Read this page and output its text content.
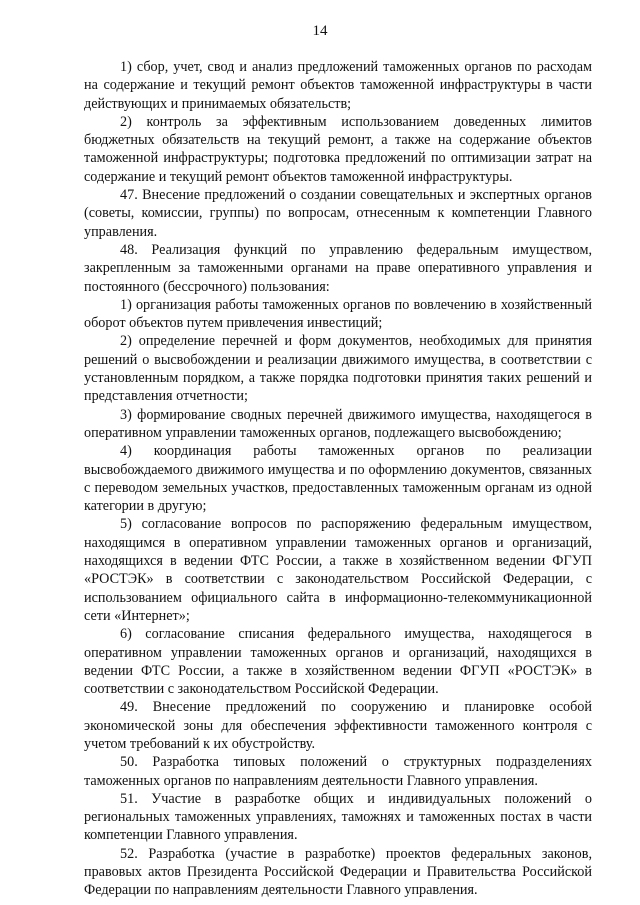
14

1) сбор, учет, свод и анализ предложений таможенных органов по расходам на содержание и текущий ремонт объектов таможенной инфраструктуры в части действующих и принимаемых обязательств;

2) контроль за эффективным использованием доведенных лимитов бюджетных обязательств на текущий ремонт, а также на содержание объектов таможенной инфраструктуры; подготовка предложений по оптимизации затрат на содержание и текущий ремонт объектов таможенной инфраструктуры.

47. Внесение предложений о создании совещательных и экспертных органов (советы, комиссии, группы) по вопросам, отнесенным к компетенции Главного управления.

48. Реализация функций по управлению федеральным имуществом, закрепленным за таможенными органами на праве оперативного управления и постоянного (бессрочного) пользования:

1) организация работы таможенных органов по вовлечению в хозяйственный оборот объектов путем привлечения инвестиций;

2) определение перечней и форм документов, необходимых для принятия решений о высвобождении и реализации движимого имущества, в соответствии с установленным порядком, а также порядка подготовки принятия таких решений и представления отчетности;

3) формирование сводных перечней движимого имущества, находящегося в оперативном управлении таможенных органов, подлежащего высвобождению;

4) координация работы таможенных органов по реализации высвобождаемого движимого имущества и по оформлению документов, связанных с переводом земельных участков, предоставленных таможенным органам из одной категории в другую;

5) согласование вопросов по распоряжению федеральным имуществом, находящимся в оперативном управлении таможенных органов и организаций, находящихся в ведении ФТС России, а также в хозяйственном ведении ФГУП «РОСТЭК» в соответствии с законодательством Российской Федерации, с использованием официального сайта в информационно-телекоммуникационной сети «Интернет»;

6) согласование списания федерального имущества, находящегося в оперативном управлении таможенных органов и организаций, находящихся в ведении ФТС России, а также в хозяйственном ведении ФГУП «РОСТЭК» в соответствии с законодательством Российской Федерации.

49. Внесение предложений по сооружению и планировке особой экономической зоны для обеспечения эффективности таможенного контроля с учетом требований к их обустройству.

50. Разработка типовых положений о структурных подразделениях таможенных органов по направлениям деятельности Главного управления.

51. Участие в разработке общих и индивидуальных положений о региональных таможенных управлениях, таможнях и таможенных постах в части компетенции Главного управления.

52. Разработка (участие в разработке) проектов федеральных законов, правовых актов Президента Российской Федерации и Правительства Российской Федерации по направлениям деятельности Главного управления.
